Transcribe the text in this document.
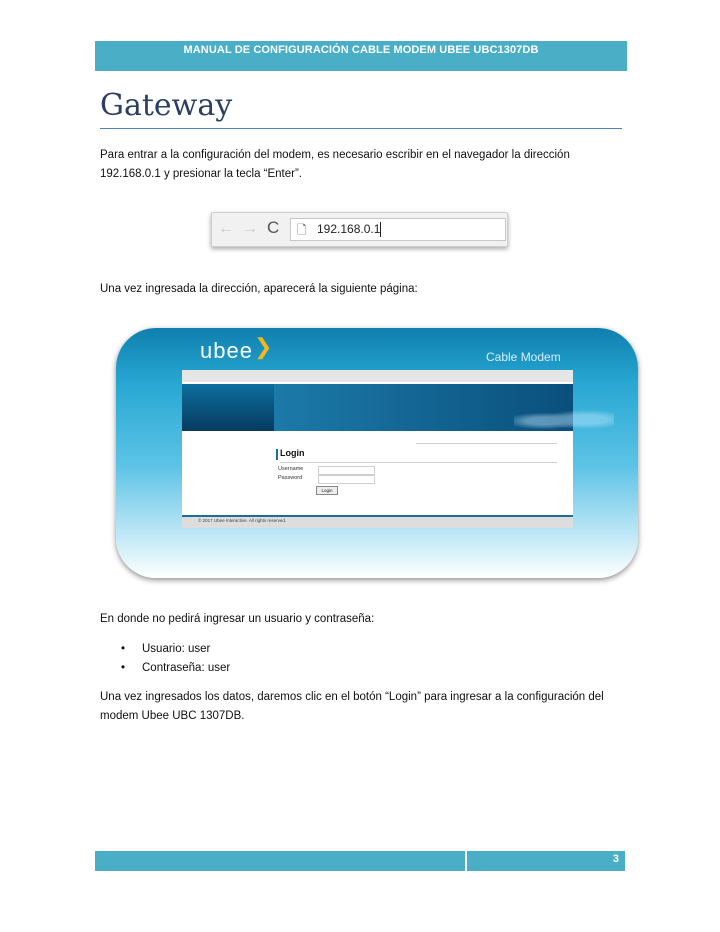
MANUAL DE CONFIGURACIÓN CABLE MODEM UBEE UBC1307DB
Gateway

Para entrar a la configuración del modem, es necesario escribir en el navegador la dirección
192.168.0.1 y presionar la tecla “Enter”.

← → C 🗋 192.168.0.1

Una vez ingresada la dirección, aparecerá la siguiente página:

ubee ❯	Cable Modem
Login
Username
Password
Login
© 2017 Ubee Interactive. All rights reserved.

En donde no pedirá ingresar un usuario y contraseña:

• Usuario: user
• Contraseña: user

Una vez ingresados los datos, daremos clic en el botón “Login” para ingresar a la configuración del
modem Ubee UBC 1307DB.

3
